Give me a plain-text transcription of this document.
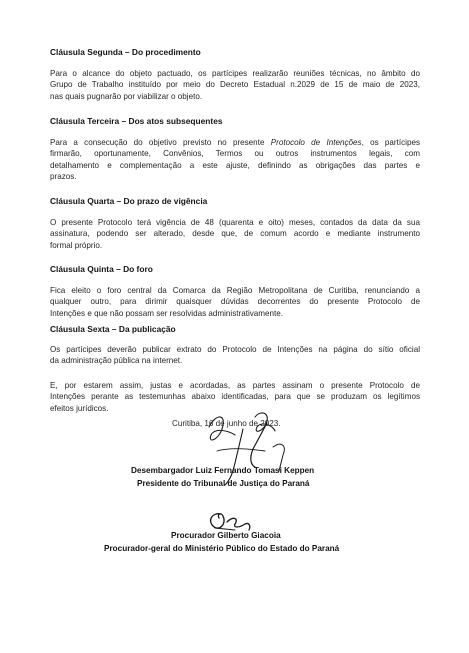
Cláusula Segunda – Do procedimento
Para o alcance do objeto pactuado, os partícipes realizarão reuniões técnicas, no âmbito do
Grupo de Trabalho instituído por meio do Decreto Estadual n.2029 de 15 de maio de 2023,
nas quais pugnarão por viabilizar o objeto.
Cláusula Terceira – Dos atos subsequentes
Para a consecução do objetivo previsto no presente Protocolo de Intenções, os partícipes
firmarão, oportunamente, Convênios, Termos ou outros instrumentos legais, com
detalhamento e complementação a este ajuste, definindo as obrigações das partes e
prazos.
Cláusula Quarta – Do prazo de vigência
O presente Protocolo terá vigência de 48 (quarenta e oito) meses, contados da data da sua
assinatura, podendo ser alterado, desde que, de comum acordo e mediante instrumento
formal próprio.
Cláusula Quinta – Do foro
Fica eleito o foro central da Comarca da Região Metropolitana de Curitiba, renunciando a
qualquer outro, para dirimir quaisquer dúvidas decorrentes do presente Protocolo de
Intenções e que não possam ser resolvidas administrativamente.
Cláusula Sexta – Da publicação
Os partícipes deverão publicar extrato do Protocolo de Intenções na página do sítio oficial
da administração pública na internet.
E, por estarem assim, justas e acordadas, as partes assinam o presente Protocolo de
Intenções perante as testemunhas abaixo identificadas, para que se produzam os legítimos
efeitos jurídicos.
Curitiba, 16 de junho de 2023.
Desembargador Luiz Fernando Tomasi Keppen
Presidente do Tribunal de Justiça do Paraná
Procurador Gilberto Giacoia
Procurador-geral do Ministério Público do Estado do Paraná
